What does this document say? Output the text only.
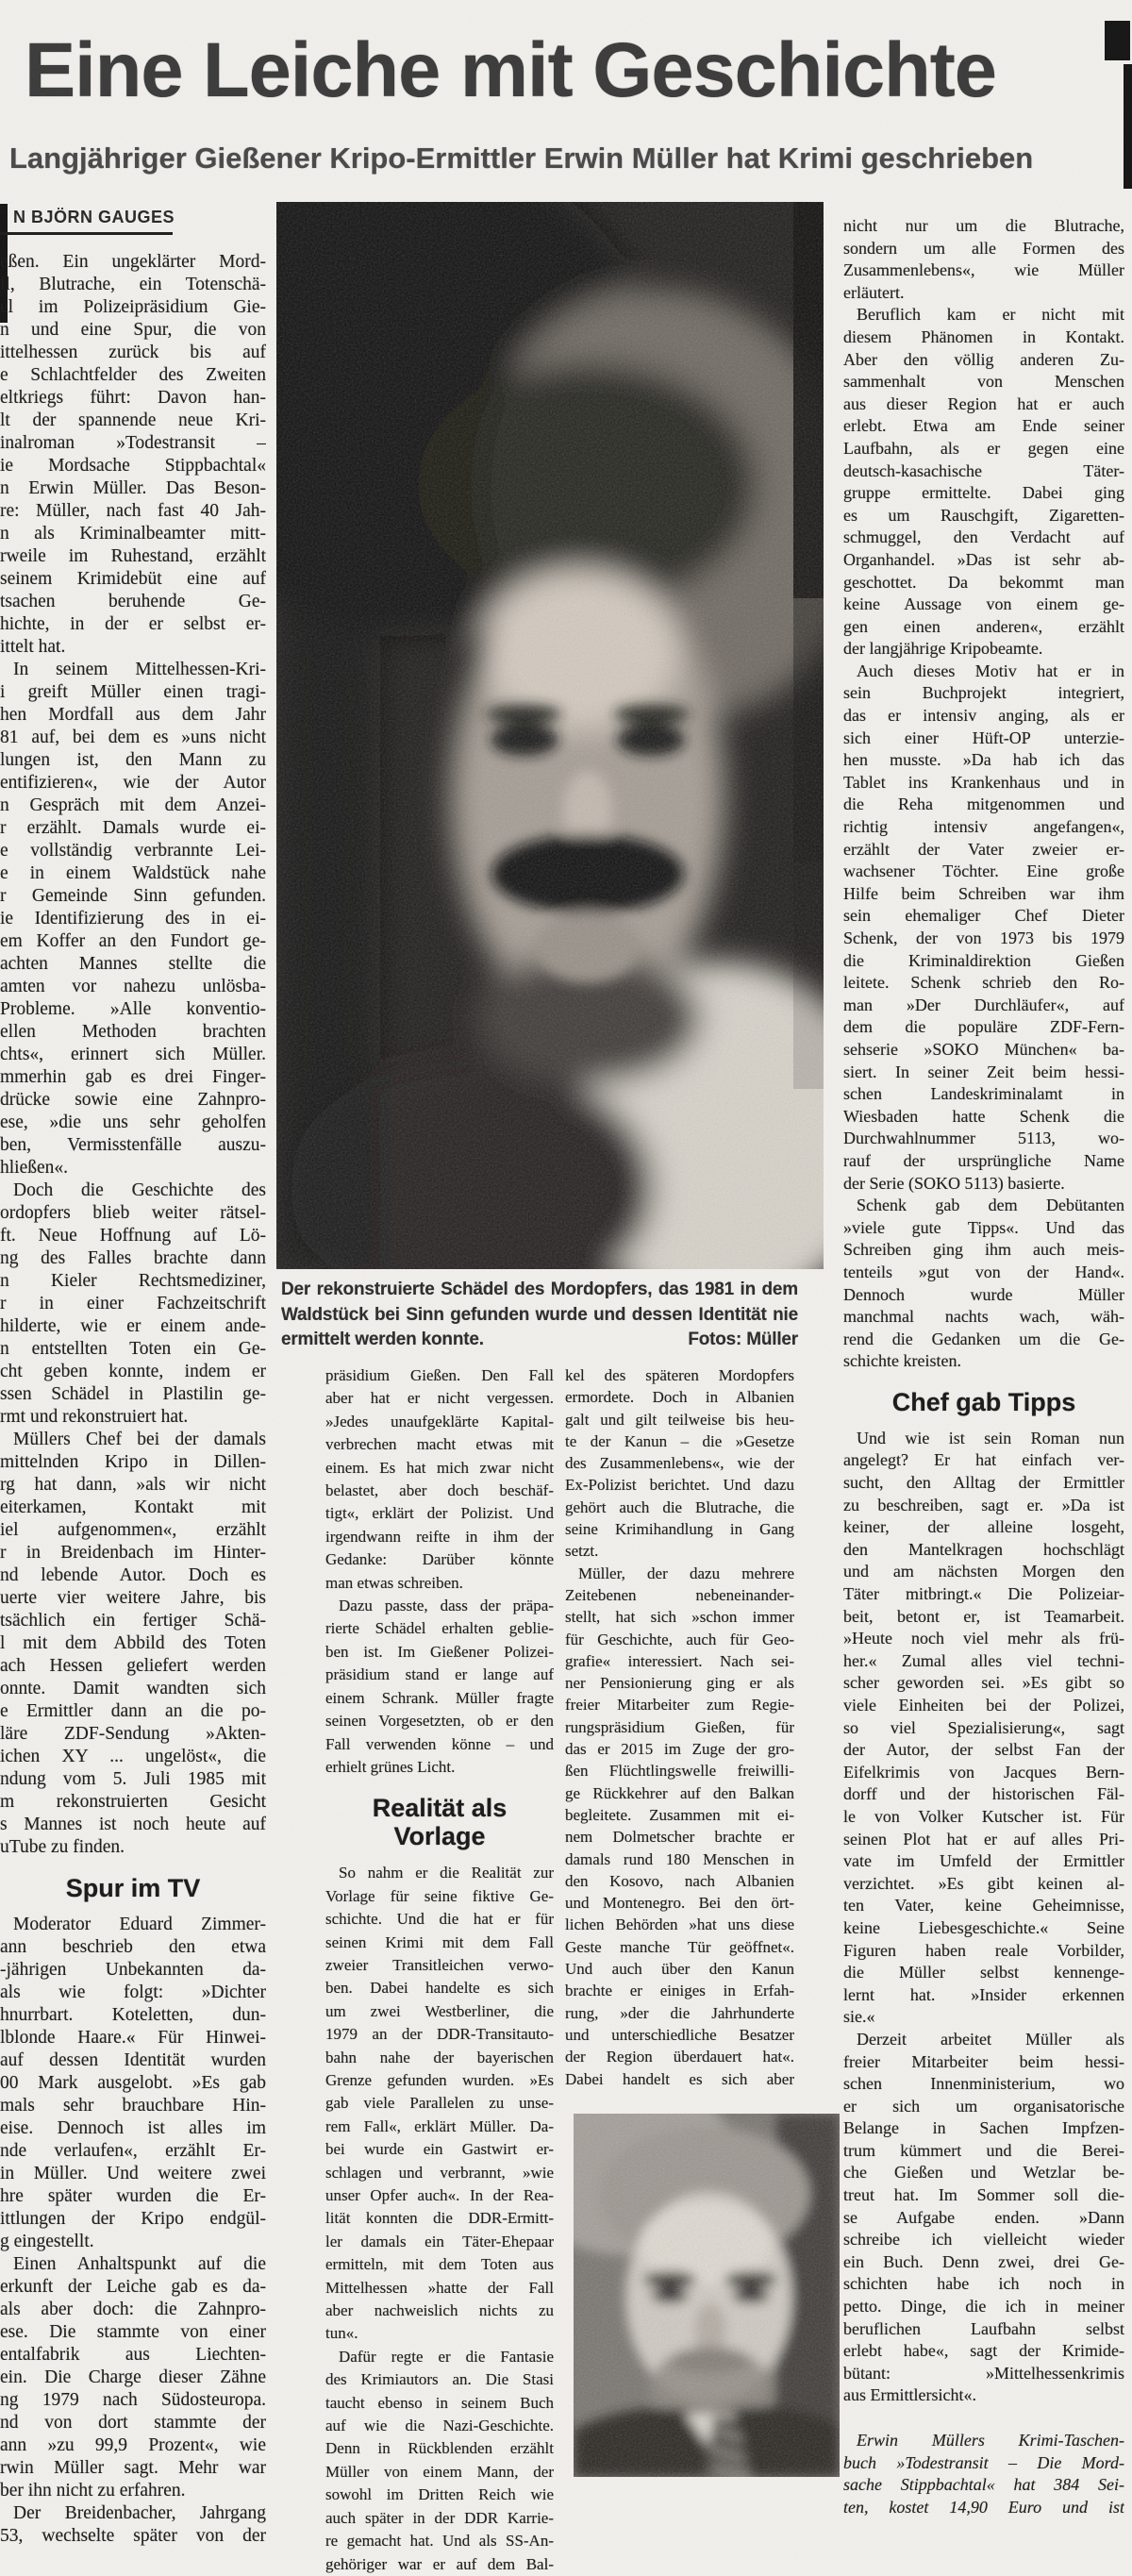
Eine Leiche mit Geschichte
Langjähriger Gießener Kripo-Ermittler Erwin Müller hat Krimi geschrieben
N BJÖRN GAUGES
Der rekonstruierte Schädel des Mordopfers, das 1981 in dem
Waldstück bei Sinn gefunden wurde und dessen Identität nie
ermittelt werden konnte.	Fotos: Müller
eßen. Ein ungeklärter Mord-
ll, Blutrache, ein Totenschä-
el im Polizeipräsidium Gie-
n und eine Spur, die von
ittelhessen zurück bis auf
e Schlachtfelder des Zweiten
eltkriegs führt: Davon han-
lt der spannende neue Kri-
inalroman »Todestransit –
ie Mordsache Stippbachtal«
n Erwin Müller. Das Beson-
re: Müller, nach fast 40 Jah-
n als Kriminalbeamter mitt-
rweile im Ruhestand, erzählt
seinem Krimidebüt eine auf
tsachen beruhende Ge-
hichte, in der er selbst er-
ittelt hat.
In seinem Mittelhessen-Kri-
i greift Müller einen tragi-
hen Mordfall aus dem Jahr
81 auf, bei dem es »uns nicht
lungen ist, den Mann zu
entifizieren«, wie der Autor
n Gespräch mit dem Anzei-
r erzählt. Damals wurde ei-
e vollständig verbrannte Lei-
e in einem Waldstück nahe
r Gemeinde Sinn gefunden.
ie Identifizierung des in ei-
em Koffer an den Fundort ge-
achten Mannes stellte die
amten vor nahezu unlösba-
Probleme. »Alle konventio-
ellen Methoden brachten
chts«, erinnert sich Müller.
mmerhin gab es drei Finger-
drücke sowie eine Zahnpro-
ese, »die uns sehr geholfen
ben, Vermisstenfälle auszu-
hließen«.
Doch die Geschichte des
ordopfers blieb weiter rätsel-
ft. Neue Hoffnung auf Lö-
ng des Falles brachte dann
n Kieler Rechtsmediziner,
r in einer Fachzeitschrift
hilderte, wie er einem ande-
n entstellten Toten ein Ge-
cht geben konnte, indem er
ssen Schädel in Plastilin ge-
rmt und rekonstruiert hat.
Müllers Chef bei der damals
mittelnden Kripo in Dillen-
rg hat dann, »als wir nicht
eiterkamen, Kontakt mit
iel aufgenommen«, erzählt
r in Breidenbach im Hinter-
nd lebende Autor. Doch es
uerte vier weitere Jahre, bis
tsächlich ein fertiger Schä-
l mit dem Abbild des Toten
ach Hessen geliefert werden
onnte. Damit wandten sich
e Ermittler dann an die po-
läre ZDF-Sendung »Akten-
ichen XY ... ungelöst«, die
ndung vom 5. Juli 1985 mit
m rekonstruierten Gesicht
s Mannes ist noch heute auf
uTube zu finden.
Spur im TV
Moderator Eduard Zimmer-
ann beschrieb den etwa
-jährigen Unbekannten da-
als wie folgt: »Dichter
hnurrbart. Koteletten, dun-
lblonde Haare.« Für Hinwei-
auf dessen Identität wurden
00 Mark ausgelobt. »Es gab
mals sehr brauchbare Hin-
eise. Dennoch ist alles im
nde verlaufen«, erzählt Er-
in Müller. Und weitere zwei
hre später wurden die Er-
ittlungen der Kripo endgül-
g eingestellt.
Einen Anhaltspunkt auf die
erkunft der Leiche gab es da-
als aber doch: die Zahnpro-
ese. Die stammte von einer
entalfabrik aus Liechten-
ein. Die Charge dieser Zähne
ng 1979 nach Südosteuropa.
nd von dort stammte der
ann »zu 99,9 Prozent«, wie
rwin Müller sagt. Mehr war
ber ihn nicht zu erfahren.
Der Breidenbacher, Jahrgang
53, wechselte später von der
präsidium Gießen. Den Fall
aber hat er nicht vergessen.
»Jedes unaufgeklärte Kapital-
verbrechen macht etwas mit
einem. Es hat mich zwar nicht
belastet, aber doch beschäf-
tigt«, erklärt der Polizist. Und
irgendwann reifte in ihm der
Gedanke: Darüber könnte
man etwas schreiben.
Dazu passte, dass der präpa-
rierte Schädel erhalten geblie-
ben ist. Im Gießener Polizei-
präsidium stand er lange auf
einem Schrank. Müller fragte
seinen Vorgesetzten, ob er den
Fall verwenden könne – und
erhielt grünes Licht.
Realität als Vorlage
So nahm er die Realität zur
Vorlage für seine fiktive Ge-
schichte. Und die hat er für
seinen Krimi mit dem Fall
zweier Transitleichen verwo-
ben. Dabei handelte es sich
um zwei Westberliner, die
1979 an der DDR-Transitauto-
bahn nahe der bayerischen
Grenze gefunden wurden. »Es
gab viele Parallelen zu unse-
rem Fall«, erklärt Müller. Da-
bei wurde ein Gastwirt er-
schlagen und verbrannt, »wie
unser Opfer auch«. In der Rea-
lität konnten die DDR-Ermitt-
ler damals ein Täter-Ehepaar
ermitteln, mit dem Toten aus
Mittelhessen »hatte der Fall
aber nachweislich nichts zu
tun«.
Dafür regte er die Fantasie
des Krimiautors an. Die Stasi
taucht ebenso in seinem Buch
auf wie die Nazi-Geschichte.
Denn in Rückblenden erzählt
Müller von einem Mann, der
sowohl im Dritten Reich wie
auch später in der DDR Karrie-
re gemacht hat. Und als SS-An-
gehöriger war er auf dem Bal-
kel des späteren Mordopfers
ermordete. Doch in Albanien
galt und gilt teilweise bis heu-
te der Kanun – die »Gesetze
des Zusammenlebens«, wie der
Ex-Polizist berichtet. Und dazu
gehört auch die Blutrache, die
seine Krimihandlung in Gang
setzt.
Müller, der dazu mehrere
Zeitebenen nebeneinander-
stellt, hat sich »schon immer
für Geschichte, auch für Geo-
grafie« interessiert. Nach sei-
ner Pensionierung ging er als
freier Mitarbeiter zum Regie-
rungspräsidium Gießen, für
das er 2015 im Zuge der gro-
ßen Flüchtlingswelle freiwilli-
ge Rückkehrer auf den Balkan
begleitete. Zusammen mit ei-
nem Dolmetscher brachte er
damals rund 180 Menschen in
den Kosovo, nach Albanien
und Montenegro. Bei den ört-
lichen Behörden »hat uns diese
Geste manche Tür geöffnet«.
Und auch über den Kanun
brachte er einiges in Erfah-
rung, »der die Jahrhunderte
und unterschiedliche Besatzer
der Region überdauert hat«.
Dabei handelt es sich aber
nicht nur um die Blutrache,
sondern um alle Formen des
Zusammenlebens«, wie Müller
erläutert.
Beruflich kam er nicht mit
diesem Phänomen in Kontakt.
Aber den völlig anderen Zu-
sammenhalt von Menschen
aus dieser Region hat er auch
erlebt. Etwa am Ende seiner
Laufbahn, als er gegen eine
deutsch-kasachische Täter-
gruppe ermittelte. Dabei ging
es um Rauschgift, Zigaretten-
schmuggel, den Verdacht auf
Organhandel. »Das ist sehr ab-
geschottet. Da bekommt man
keine Aussage von einem ge-
gen einen anderen«, erzählt
der langjährige Kripobeamte.
Auch dieses Motiv hat er in
sein Buchprojekt integriert,
das er intensiv anging, als er
sich einer Hüft-OP unterzie-
hen musste. »Da hab ich das
Tablet ins Krankenhaus und in
die Reha mitgenommen und
richtig intensiv angefangen«,
erzählt der Vater zweier er-
wachsener Töchter. Eine große
Hilfe beim Schreiben war ihm
sein ehemaliger Chef Dieter
Schenk, der von 1973 bis 1979
die Kriminaldirektion Gießen
leitete. Schenk schrieb den Ro-
man »Der Durchläufer«, auf
dem die populäre ZDF-Fern-
sehserie »SOKO München« ba-
siert. In seiner Zeit beim hessi-
schen Landeskriminalamt in
Wiesbaden hatte Schenk die
Durchwahlnummer 5113, wo-
rauf der ursprüngliche Name
der Serie (SOKO 5113) basierte.
Schenk gab dem Debütanten
»viele gute Tipps«. Und das
Schreiben ging ihm auch meis-
tenteils »gut von der Hand«.
Dennoch wurde Müller
manchmal nachts wach, wäh-
rend die Gedanken um die Ge-
schichte kreisten.
Chef gab Tipps
Und wie ist sein Roman nun
angelegt? Er hat einfach ver-
sucht, den Alltag der Ermittler
zu beschreiben, sagt er. »Da ist
keiner, der alleine losgeht,
den Mantelkragen hochschlägt
und am nächsten Morgen den
Täter mitbringt.« Die Polizeiar-
beit, betont er, ist Teamarbeit.
»Heute noch viel mehr als frü-
her.« Zumal alles viel techni-
scher geworden sei. »Es gibt so
viele Einheiten bei der Polizei,
so viel Spezialisierung«, sagt
der Autor, der selbst Fan der
Eifelkrimis von Jacques Bern-
dorff und der historischen Fäl-
le von Volker Kutscher ist. Für
seinen Plot hat er auf alles Pri-
vate im Umfeld der Ermittler
verzichtet. »Es gibt keinen al-
ten Vater, keine Geheimnisse,
keine Liebesgeschichte.« Seine
Figuren haben reale Vorbilder,
die Müller selbst kennenge-
lernt hat. »Insider erkennen
sie.«
Derzeit arbeitet Müller als
freier Mitarbeiter beim hessi-
schen Innenministerium, wo
er sich um organisatorische
Belange in Sachen Impfzen-
trum kümmert und die Berei-
che Gießen und Wetzlar be-
treut hat. Im Sommer soll die-
se Aufgabe enden. »Dann
schreibe ich vielleicht wieder
ein Buch. Denn zwei, drei Ge-
schichten habe ich noch in
petto. Dinge, die ich in meiner
beruflichen Laufbahn selbst
erlebt habe«, sagt der Krimide-
bütant: »Mittelhessenkrimis
aus Ermittlersicht«.
Erwin Müllers Krimi-Taschen-
buch »Todestransit – Die Mord-
sache Stippbachtal« hat 384 Sei-
ten, kostet 14,90 Euro und ist
